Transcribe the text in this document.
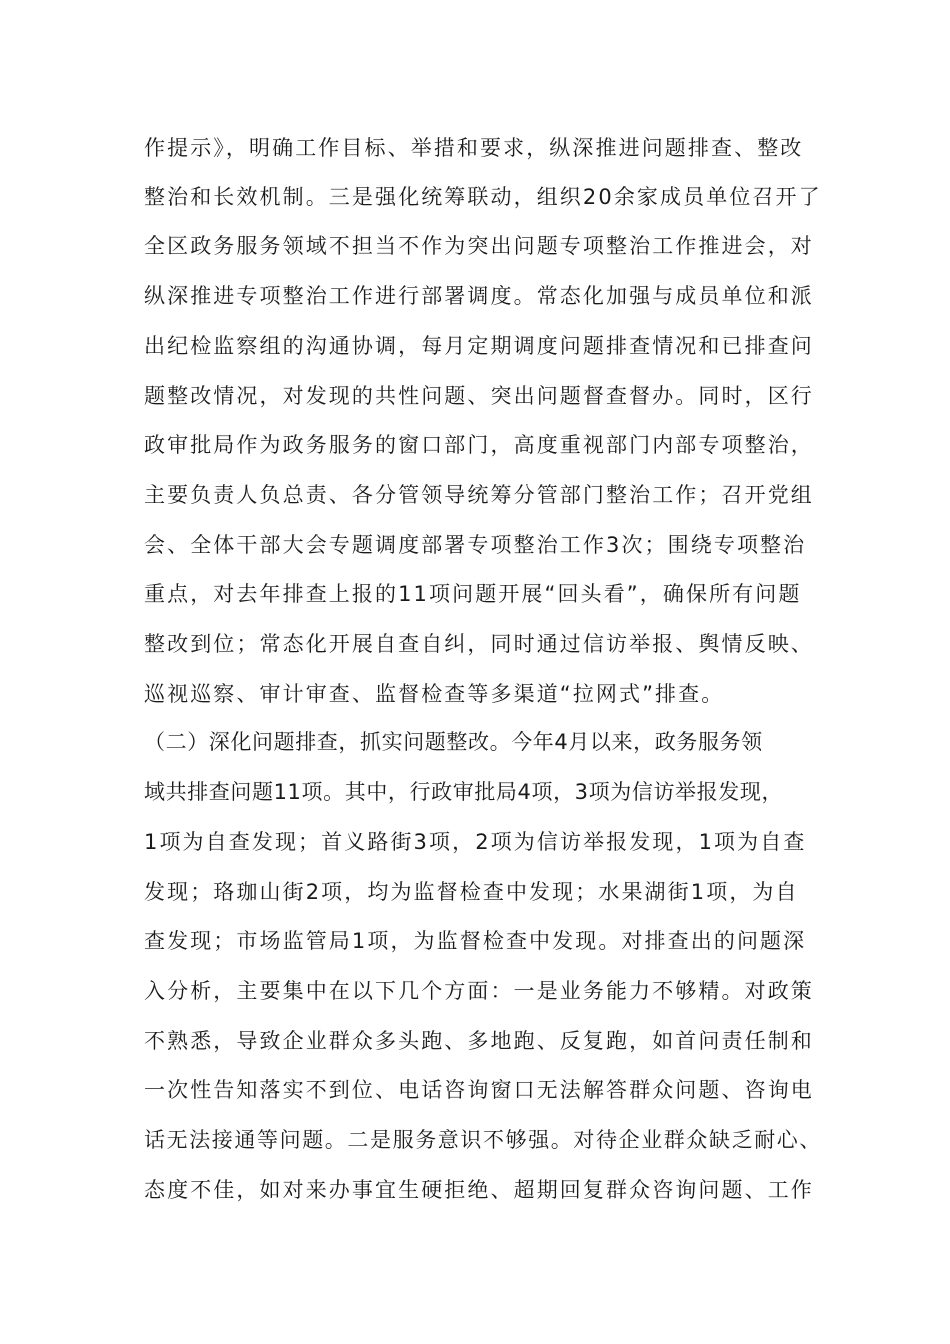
作提示》，明确工作目标、举措和要求，纵深推进问题排查、整改
整治和长效机制。三是强化统筹联动，组织20余家成员单位召开了
全区政务服务领域不担当不作为突出问题专项整治工作推进会，对
纵深推进专项整治工作进行部署调度。常态化加强与成员单位和派
出纪检监察组的沟通协调，每月定期调度问题排查情况和已排查问
题整改情况，对发现的共性问题、突出问题督查督办。同时，区行
政审批局作为政务服务的窗口部门，高度重视部门内部专项整治，
主要负责人负总责、各分管领导统筹分管部门整治工作；召开党组
会、全体干部大会专题调度部署专项整治工作3次；围绕专项整治
重点，对去年排查上报的11项问题开展“回头看”，确保所有问题
整改到位；常态化开展自查自纠，同时通过信访举报、舆情反映、
巡视巡察、审计审查、监督检查等多渠道“拉网式”排查。
（二）深化问题排查，抓实问题整改。今年4月以来，政务服务领
域共排查问题11项。其中，行政审批局4项，3项为信访举报发现，
1项为自查发现；首义路街3项，2项为信访举报发现，1项为自查
发现；珞珈山街2项，均为监督检查中发现；水果湖街1项，为自
查发现；市场监管局1项，为监督检查中发现。对排查出的问题深
入分析，主要集中在以下几个方面：一是业务能力不够精。对政策
不熟悉，导致企业群众多头跑、多地跑、反复跑，如首问责任制和
一次性告知落实不到位、电话咨询窗口无法解答群众问题、咨询电
话无法接通等问题。二是服务意识不够强。对待企业群众缺乏耐心、
态度不佳，如对来办事宜生硬拒绝、超期回复群众咨询问题、工作
